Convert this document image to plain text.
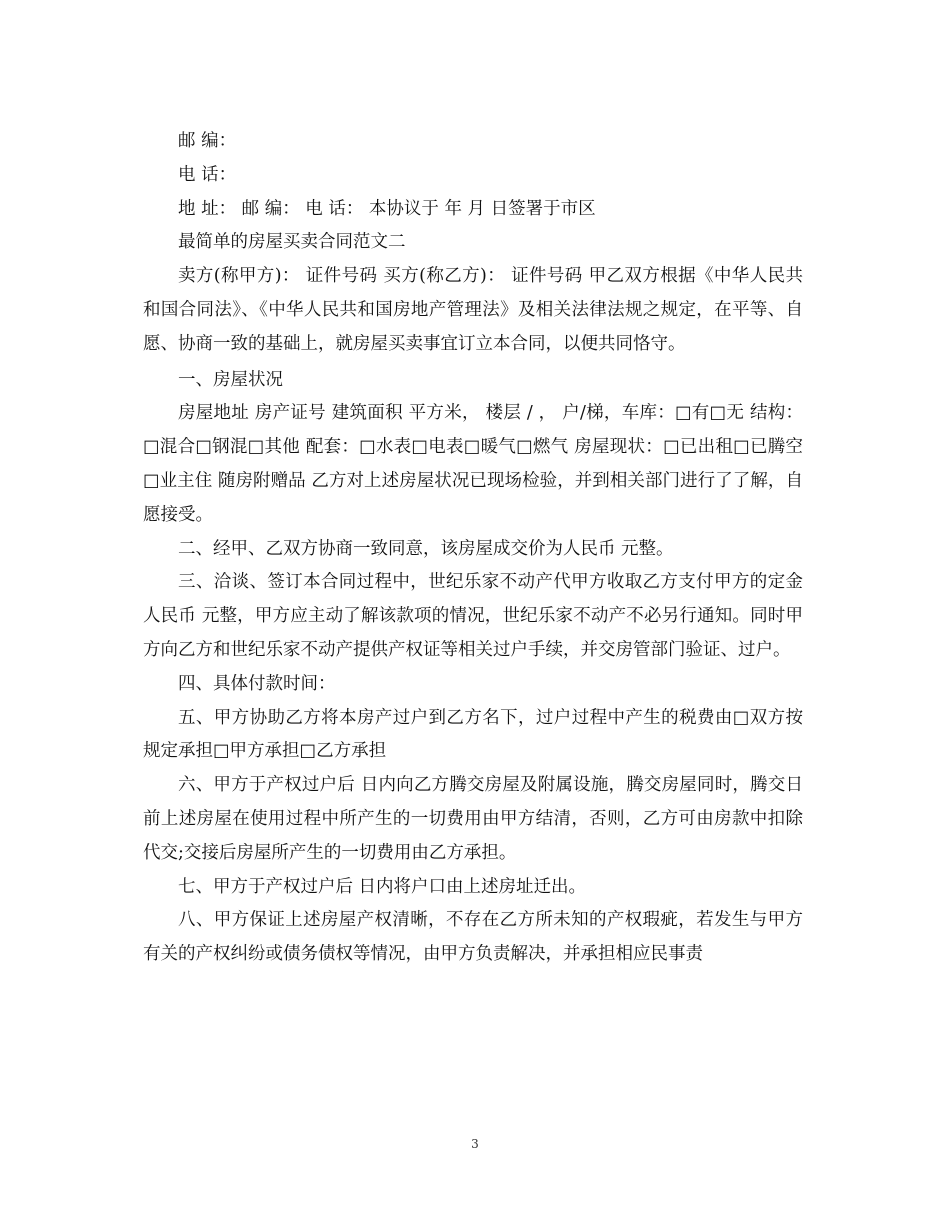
邮 编：

电 话：

地 址： 邮 编： 电 话： 本协议于 年 月 日签署于市区

最简单的房屋买卖合同范文二

卖方(称甲方)： 证件号码 买方(称乙方)： 证件号码 甲乙双方根据《中华人民共和国合同法》、《中华人民共和国房地产管理法》及相关法律法规之规定，在平等、自愿、协商一致的基础上，就房屋买卖事宜订立本合同，以便共同恪守。

一、房屋状况

房屋地址 房产证号 建筑面积 平方米， 楼层 / ， 户/梯，车库：□有□无 结构：□混合□钢混□其他 配套：□水表□电表□暖气□燃气 房屋现状：□已出租□已腾空□业主住 随房附赠品 乙方对上述房屋状况已现场检验，并到相关部门进行了了解，自愿接受。

二、经甲、乙双方协商一致同意，该房屋成交价为人民币 元整。

三、洽谈、签订本合同过程中，世纪乐家不动产代甲方收取乙方支付甲方的定金人民币 元整，甲方应主动了解该款项的情况，世纪乐家不动产不必另行通知。同时甲方向乙方和世纪乐家不动产提供产权证等相关过户手续，并交房管部门验证、过户。

四、具体付款时间：

五、甲方协助乙方将本房产过户到乙方名下，过户过程中产生的税费由□双方按规定承担□甲方承担□乙方承担

六、甲方于产权过户后 日内向乙方腾交房屋及附属设施，腾交房屋同时，腾交日前上述房屋在使用过程中所产生的一切费用由甲方结清，否则，乙方可由房款中扣除代交;交接后房屋所产生的一切费用由乙方承担。

七、甲方于产权过户后 日内将户口由上述房址迁出。

八、甲方保证上述房屋产权清晰，不存在乙方所未知的产权瑕疵，若发生与甲方有关的产权纠纷或债务债权等情况，由甲方负责解决，并承担相应民事责

3
